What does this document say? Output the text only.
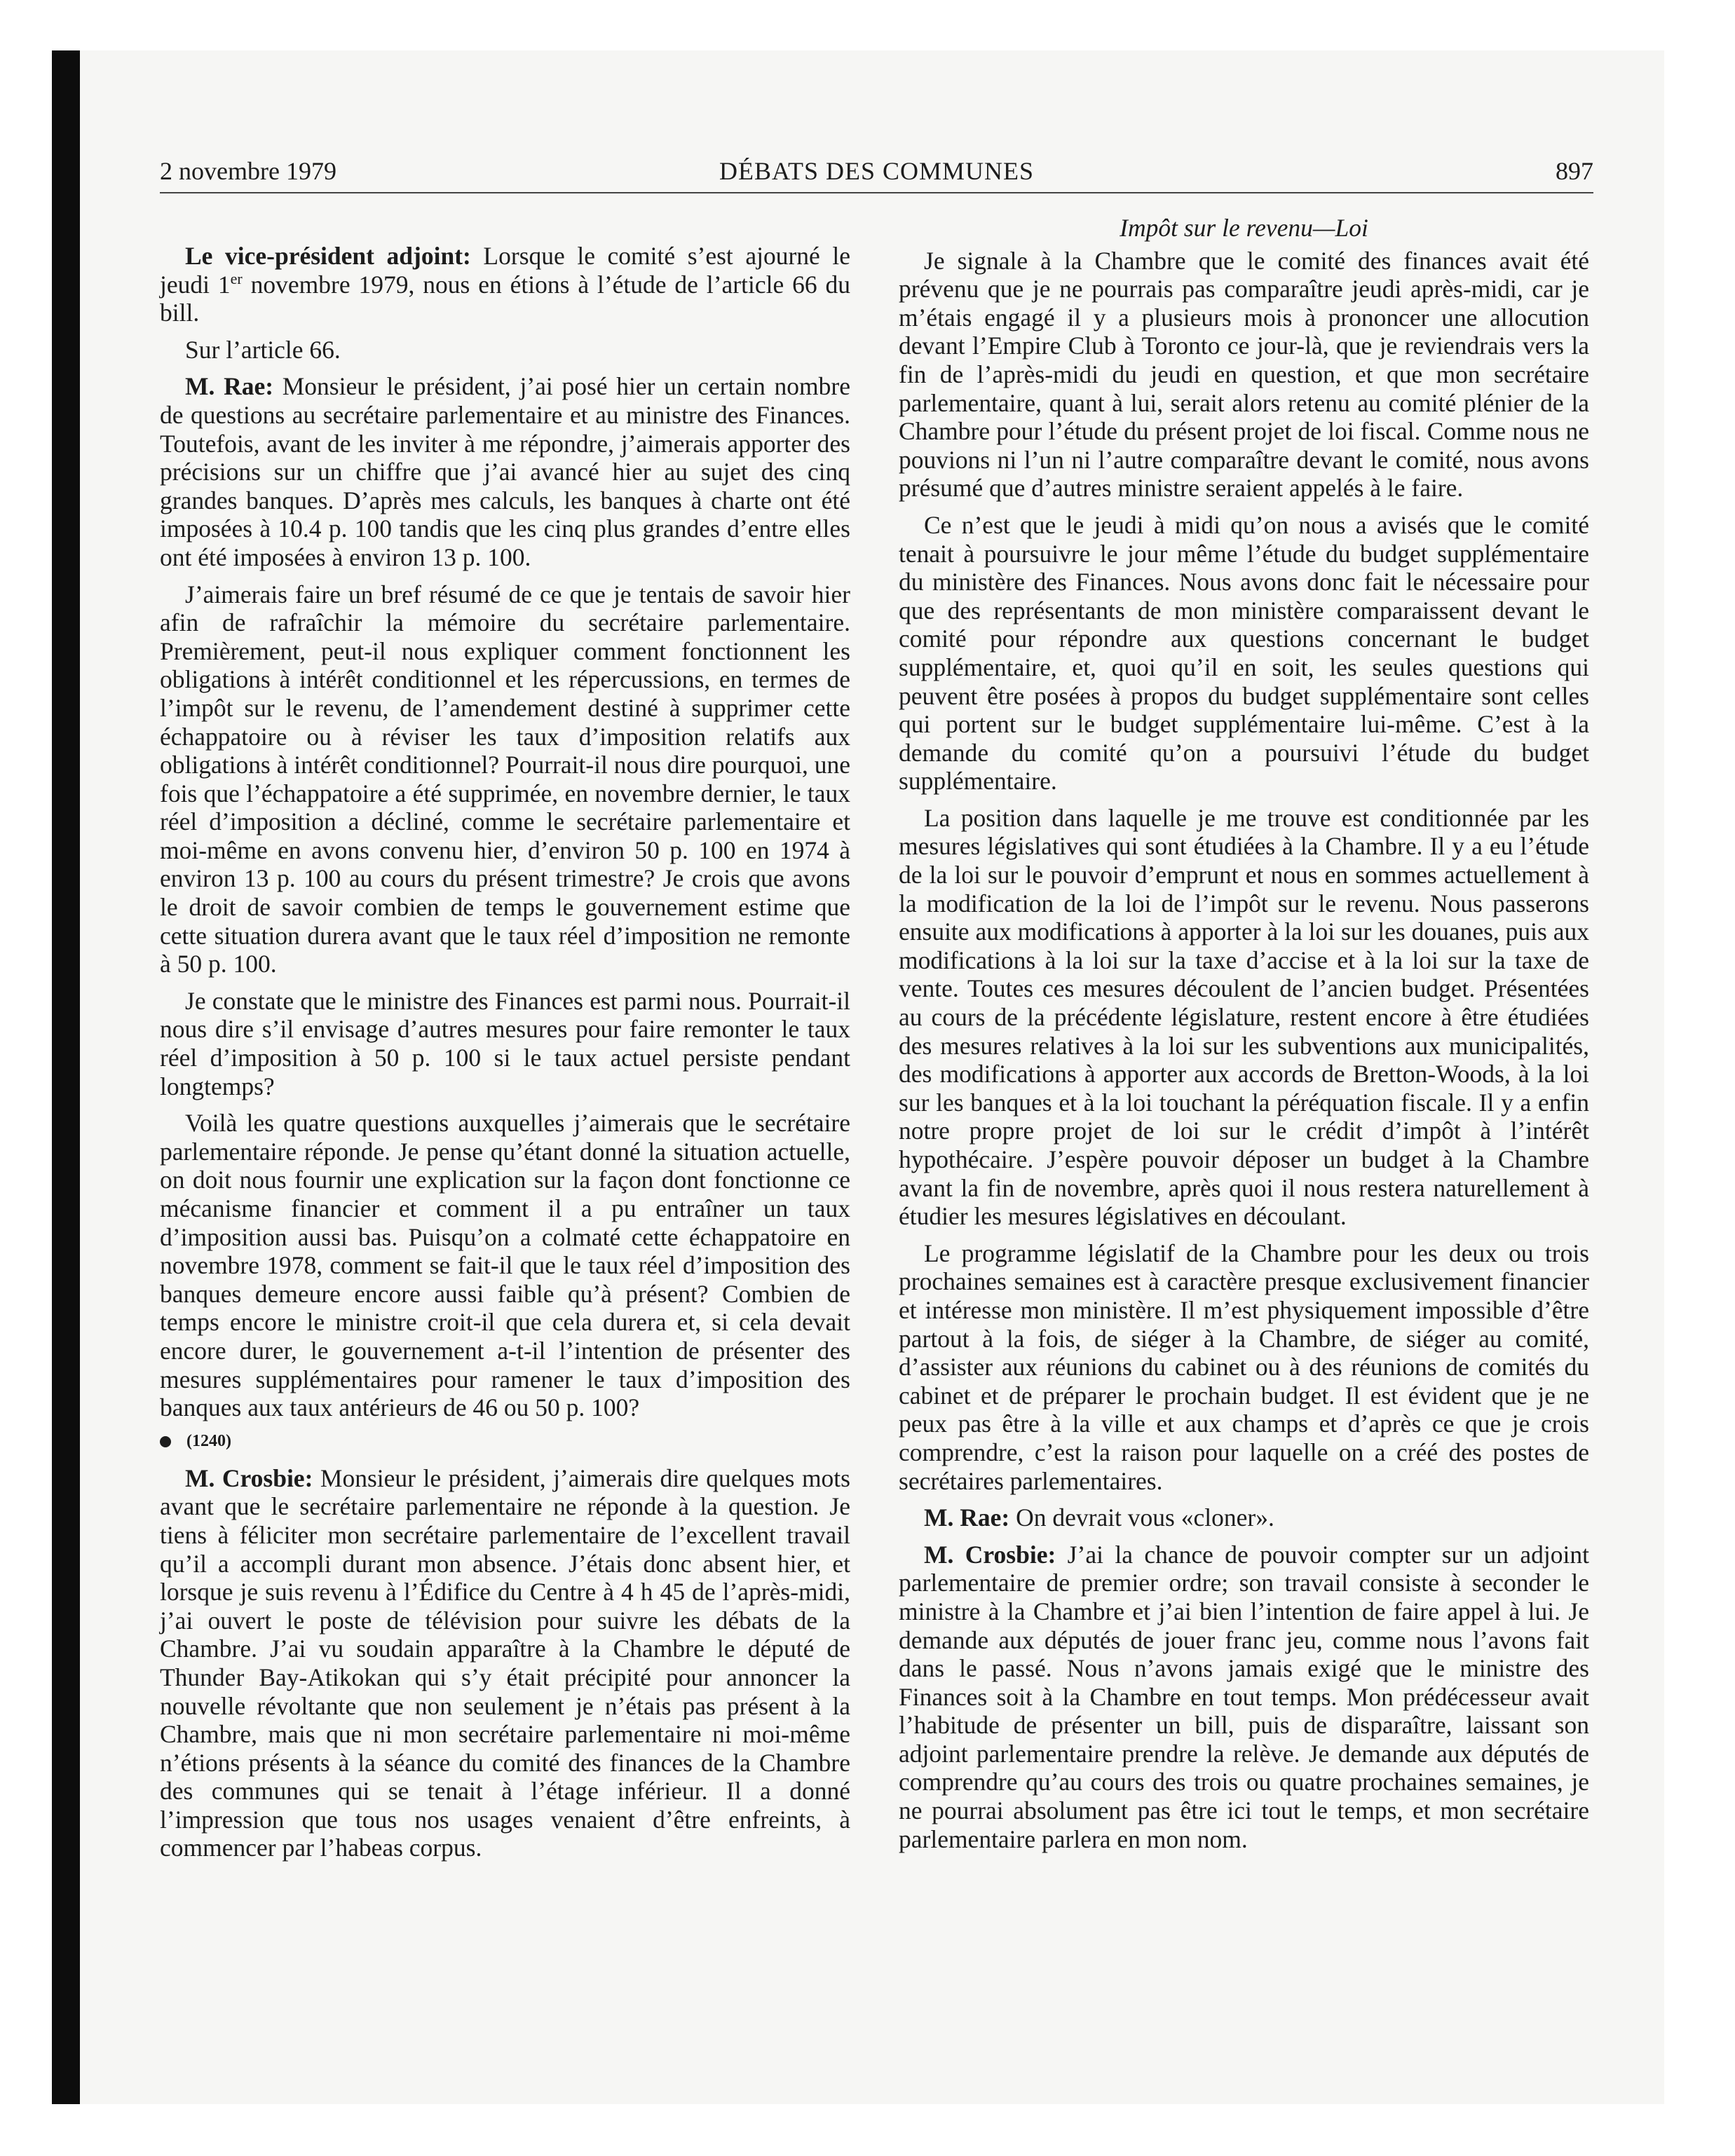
2 novembre 1979	DÉBATS DES COMMUNES	897

Le vice-président adjoint: Lorsque le comité s’est ajourné le jeudi 1er novembre 1979, nous en étions à l’étude de l’article 66 du bill.

Sur l’article 66.

M. Rae: Monsieur le président, j’ai posé hier un certain nombre de questions au secrétaire parlementaire et au ministre des Finances. Toutefois, avant de les inviter à me répondre, j’aimerais apporter des précisions sur un chiffre que j’ai avancé hier au sujet des cinq grandes banques. D’après mes calculs, les banques à charte ont été imposées à 10.4 p. 100 tandis que les cinq plus grandes d’entre elles ont été imposées à environ 13 p. 100.

J’aimerais faire un bref résumé de ce que je tentais de savoir hier afin de rafraîchir la mémoire du secrétaire parlementaire. Premièrement, peut-il nous expliquer comment fonctionnent les obligations à intérêt conditionnel et les répercussions, en termes de l’impôt sur le revenu, de l’amendement destiné à supprimer cette échappatoire ou à réviser les taux d’imposition relatifs aux obligations à intérêt conditionnel? Pourrait-il nous dire pourquoi, une fois que l’échappatoire a été supprimée, en novembre dernier, le taux réel d’imposition a décliné, comme le secrétaire parlementaire et moi-même en avons convenu hier, d’environ 50 p. 100 en 1974 à environ 13 p. 100 au cours du présent trimestre? Je crois que avons le droit de savoir combien de temps le gouvernement estime que cette situation durera avant que le taux réel d’imposition ne remonte à 50 p. 100.

Je constate que le ministre des Finances est parmi nous. Pourrait-il nous dire s’il envisage d’autres mesures pour faire remonter le taux réel d’imposition à 50 p. 100 si le taux actuel persiste pendant longtemps?

Voilà les quatre questions auxquelles j’aimerais que le secrétaire parlementaire réponde. Je pense qu’étant donné la situation actuelle, on doit nous fournir une explication sur la façon dont fonctionne ce mécanisme financier et comment il a pu entraîner un taux d’imposition aussi bas. Puisqu’on a colmaté cette échappatoire en novembre 1978, comment se fait-il que le taux réel d’imposition des banques demeure encore aussi faible qu’à présent? Combien de temps encore le ministre croit-il que cela durera et, si cela devait encore durer, le gouvernement a-t-il l’intention de présenter des mesures supplémentaires pour ramener le taux d’imposition des banques aux taux antérieurs de 46 ou 50 p. 100?

(1240)

M. Crosbie: Monsieur le président, j’aimerais dire quelques mots avant que le secrétaire parlementaire ne réponde à la question. Je tiens à féliciter mon secrétaire parlementaire de l’excellent travail qu’il a accompli durant mon absence. J’étais donc absent hier, et lorsque je suis revenu à l’Édifice du Centre à 4 h 45 de l’après-midi, j’ai ouvert le poste de télévision pour suivre les débats de la Chambre. J’ai vu soudain apparaître à la Chambre le député de Thunder Bay-Atikokan qui s’y était précipité pour annoncer la nouvelle révoltante que non seulement je n’étais pas présent à la Chambre, mais que ni mon secrétaire parlementaire ni moi-même n’étions présents à la séance du comité des finances de la Chambre des communes qui se tenait à l’étage inférieur. Il a donné l’impression que tous nos usages venaient d’être enfreints, à commencer par l’habeas corpus.

Impôt sur le revenu—Loi

Je signale à la Chambre que le comité des finances avait été prévenu que je ne pourrais pas comparaître jeudi après-midi, car je m’étais engagé il y a plusieurs mois à prononcer une allocution devant l’Empire Club à Toronto ce jour-là, que je reviendrais vers la fin de l’après-midi du jeudi en question, et que mon secrétaire parlementaire, quant à lui, serait alors retenu au comité plénier de la Chambre pour l’étude du présent projet de loi fiscal. Comme nous ne pouvions ni l’un ni l’autre comparaître devant le comité, nous avons présumé que d’autres ministre seraient appelés à le faire.

Ce n’est que le jeudi à midi qu’on nous a avisés que le comité tenait à poursuivre le jour même l’étude du budget supplémentaire du ministère des Finances. Nous avons donc fait le nécessaire pour que des représentants de mon ministère comparaissent devant le comité pour répondre aux questions concernant le budget supplémentaire, et, quoi qu’il en soit, les seules questions qui peuvent être posées à propos du budget supplémentaire sont celles qui portent sur le budget supplémentaire lui-même. C’est à la demande du comité qu’on a poursuivi l’étude du budget supplémentaire.

La position dans laquelle je me trouve est conditionnée par les mesures législatives qui sont étudiées à la Chambre. Il y a eu l’étude de la loi sur le pouvoir d’emprunt et nous en sommes actuellement à la modification de la loi de l’impôt sur le revenu. Nous passerons ensuite aux modifications à apporter à la loi sur les douanes, puis aux modifications à la loi sur la taxe d’accise et à la loi sur la taxe de vente. Toutes ces mesures découlent de l’ancien budget. Présentées au cours de la précédente législature, restent encore à être étudiées des mesures relatives à la loi sur les subventions aux municipalités, des modifications à apporter aux accords de Bretton-Woods, à la loi sur les banques et à la loi touchant la péréquation fiscale. Il y a enfin notre propre projet de loi sur le crédit d’impôt à l’intérêt hypothécaire. J’espère pouvoir déposer un budget à la Chambre avant la fin de novembre, après quoi il nous restera naturellement à étudier les mesures législatives en découlant.

Le programme législatif de la Chambre pour les deux ou trois prochaines semaines est à caractère presque exclusivement financier et intéresse mon ministère. Il m’est physiquement impossible d’être partout à la fois, de siéger à la Chambre, de siéger au comité, d’assister aux réunions du cabinet ou à des réunions de comités du cabinet et de préparer le prochain budget. Il est évident que je ne peux pas être à la ville et aux champs et d’après ce que je crois comprendre, c’est la raison pour laquelle on a créé des postes de secrétaires parlementaires.

M. Rae: On devrait vous «cloner».

M. Crosbie: J’ai la chance de pouvoir compter sur un adjoint parlementaire de premier ordre; son travail consiste à seconder le ministre à la Chambre et j’ai bien l’intention de faire appel à lui. Je demande aux députés de jouer franc jeu, comme nous l’avons fait dans le passé. Nous n’avons jamais exigé que le ministre des Finances soit à la Chambre en tout temps. Mon prédécesseur avait l’habitude de présenter un bill, puis de disparaître, laissant son adjoint parlementaire prendre la relève. Je demande aux députés de comprendre qu’au cours des trois ou quatre prochaines semaines, je ne pourrai absolument pas être ici tout le temps, et mon secrétaire parlementaire parlera en mon nom.
